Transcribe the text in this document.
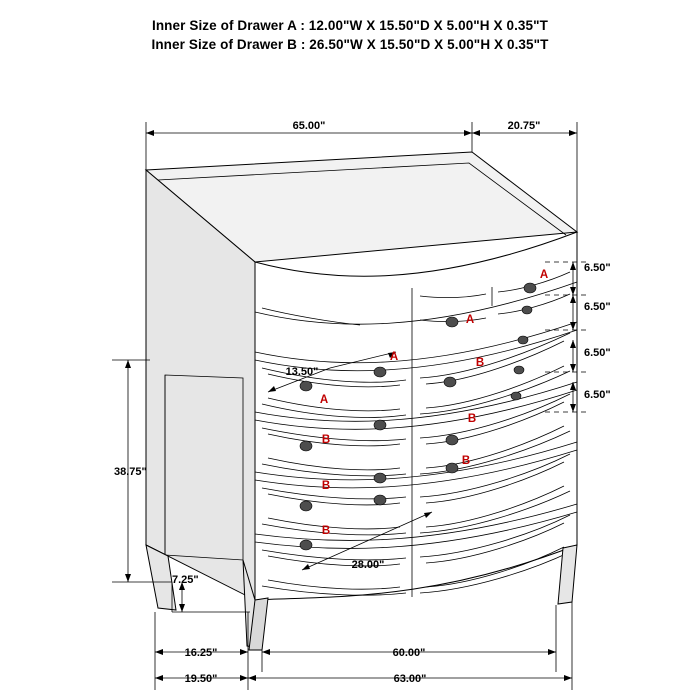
Inner Size of Drawer A : 12.00"W X 15.50"D X 5.00"H X 0.35"T
Inner Size of Drawer B : 26.50"W X 15.50"D X 5.00"H X 0.35"T
65.00"	20.75"
6.50"
6.50"
6.50"
6.50"
38.75"
13.50"
7.25"
28.00"
16.25"	60.00"
19.50"	63.00"
A
A
A
A
B
B
B
B
B
B
